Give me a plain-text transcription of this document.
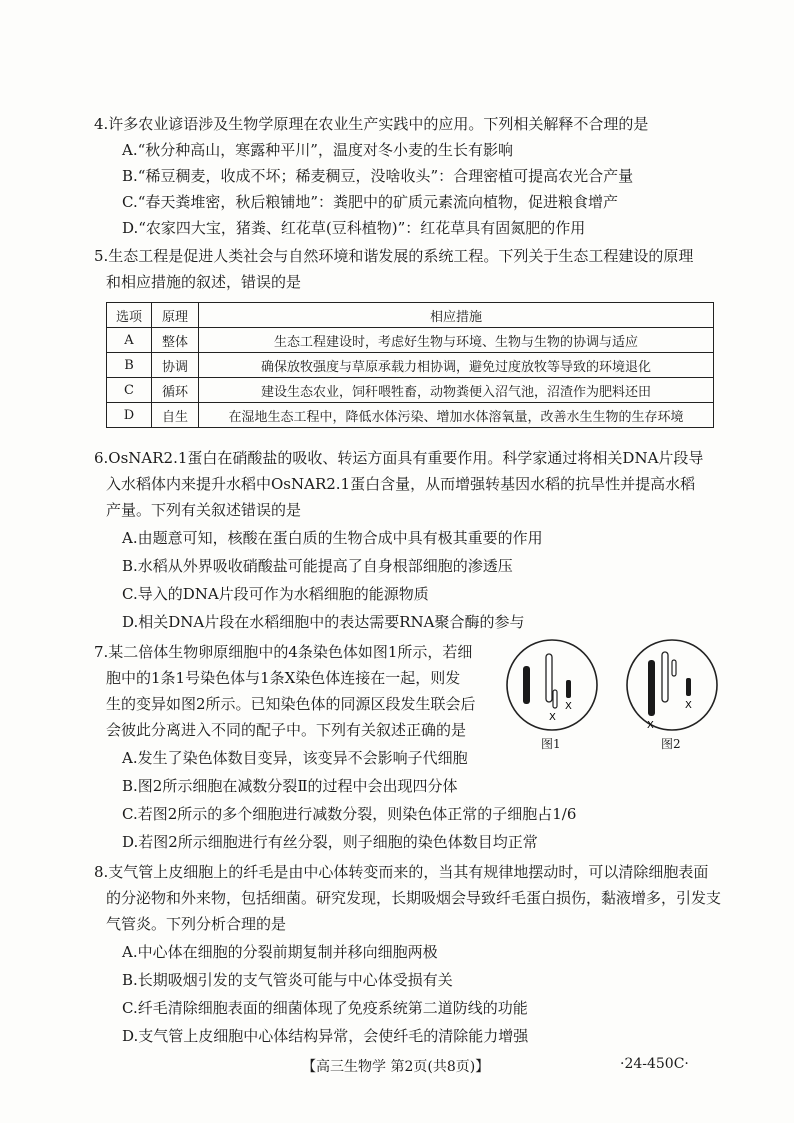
4.许多农业谚语涉及生物学原理在农业生产实践中的应用。下列相关解释不合理的是
A.“秋分种高山，寒露种平川”，温度对冬小麦的生长有影响
B.“稀豆稠麦，收成不坏；稀麦稠豆，没啥收头”：合理密植可提高农光合产量
C.“春天粪堆密，秋后粮铺地”：粪肥中的矿质元素流向植物，促进粮食增产
D.“农家四大宝，猪粪、红花草(豆科植物)”：红花草具有固氮肥的作用
5.生态工程是促进人类社会与自然环境和谐发展的系统工程。下列关于生态工程建设的原理
和相应措施的叙述，错误的是
选项	原理	相应措施
A	整体	生态工程建设时，考虑好生物与环境、生物与生物的协调与适应
B	协调	确保放牧强度与草原承载力相协调，避免过度放牧等导致的环境退化
C	循环	建设生态农业，饲秆喂牲畜，动物粪便入沼气池，沼渣作为肥料还田
D	自生	在湿地生态工程中，降低水体污染、增加水体溶氧量，改善水生生物的生存环境
6.OsNAR2.1蛋白在硝酸盐的吸收、转运方面具有重要作用。科学家通过将相关DNA片段导
入水稻体内来提升水稻中OsNAR2.1蛋白含量，从而增强转基因水稻的抗旱性并提高水稻
产量。下列有关叙述错误的是
A.由题意可知，核酸在蛋白质的生物合成中具有极其重要的作用
B.水稻从外界吸收硝酸盐可能提高了自身根部细胞的渗透压
C.导入的DNA片段可作为水稻细胞的能源物质
D.相关DNA片段在水稻细胞中的表达需要RNA聚合酶的参与
7.某二倍体生物卵原细胞中的4条染色体如图1所示，若细
胞中的1条1号染色体与1条X染色体连接在一起，则发
生的变异如图2所示。已知染色体的同源区段发生联会后
会彼此分离进入不同的配子中。下列有关叙述正确的是
A.发生了染色体数目变异，该变异不会影响子代细胞
B.图2所示细胞在减数分裂Ⅱ的过程中会出现四分体
C.若图2所示的多个细胞进行减数分裂，则染色体正常的子细胞占1/6
D.若图2所示细胞进行有丝分裂，则子细胞的染色体数目均正常
X
X
图1
X
X
图2
8.支气管上皮细胞上的纤毛是由中心体转变而来的，当其有规律地摆动时，可以清除细胞表面
的分泌物和外来物，包括细菌。研究发现，长期吸烟会导致纤毛蛋白损伤，黏液增多，引发支
气管炎。下列分析合理的是
A.中心体在细胞的分裂前期复制并移向细胞两极
B.长期吸烟引发的支气管炎可能与中心体受损有关
C.纤毛清除细胞表面的细菌体现了免疫系统第二道防线的功能
D.支气管上皮细胞中心体结构异常，会使纤毛的清除能力增强
【高三生物学 第2页(共8页)】	·24-450C·
